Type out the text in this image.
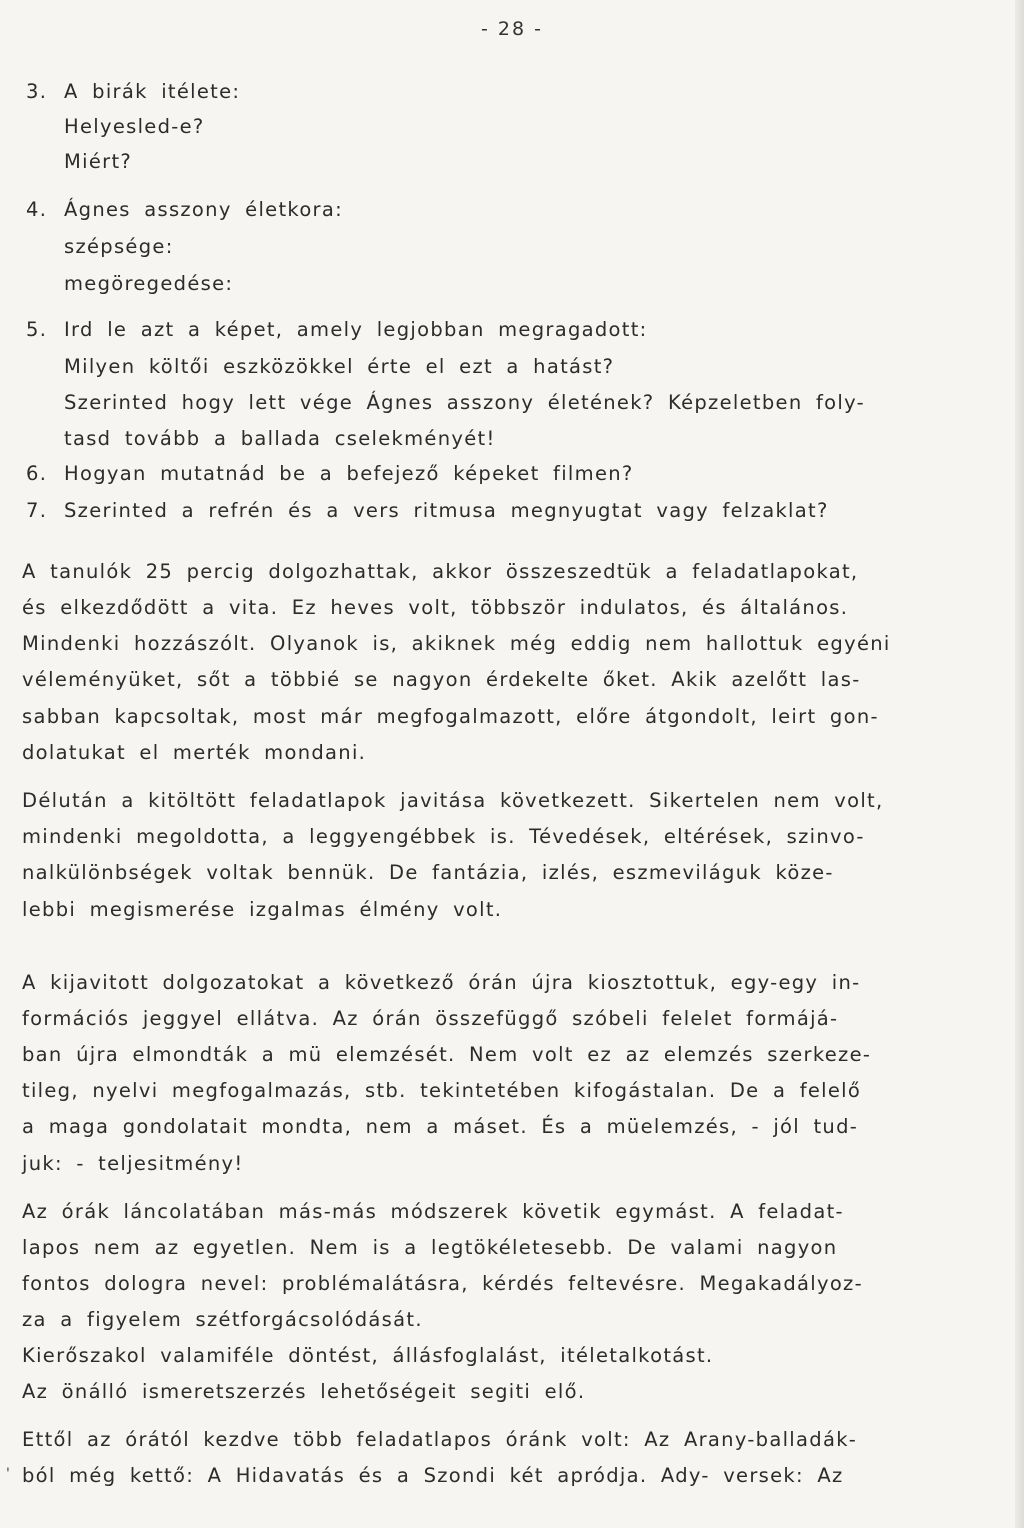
- 28 -
3. A birák itélete:
Helyesled-e?
Miért?
4. Ágnes asszony életkora:
szépsége:
megöregedése:
5. Ird le azt a képet, amely legjobban megragadott:
Milyen költői eszközökkel érte el ezt a hatást?
Szerinted hogy lett vége Ágnes asszony életének? Képzeletben foly-
tasd tovább a ballada cselekményét!
6. Hogyan mutatnád be a befejező képeket filmen?
7. Szerinted a refrén és a vers ritmusa megnyugtat vagy felzaklat?
A tanulók 25 percig dolgozhattak, akkor összeszedtük a feladatlapokat,
és elkezdődött a vita. Ez heves volt, többször indulatos, és általános.
Mindenki hozzászólt. Olyanok is, akiknek még eddig nem hallottuk egyéni
véleményüket, sőt a többié se nagyon érdekelte őket. Akik azelőtt las-
sabban kapcsoltak, most már megfogalmazott, előre átgondolt, leirt gon-
dolatukat el merték mondani.
Délután a kitöltött feladatlapok javitása következett. Sikertelen nem volt,
mindenki megoldotta, a leggyengébbek is. Tévedések, eltérések, szinvo-
nalkülönbségek voltak bennük. De fantázia, izlés, eszmeviláguk köze-
lebbi megismerése izgalmas élmény volt.
A kijavitott dolgozatokat a következő órán újra kiosztottuk, egy-egy in-
formációs jeggyel ellátva. Az órán összefüggő szóbeli felelet formájá-
ban újra elmondták a mü elemzését. Nem volt ez az elemzés szerkeze-
tileg, nyelvi megfogalmazás, stb. tekintetében kifogástalan. De a felelő
a maga gondolatait mondta, nem a máset. És a müelemzés, - jól tud-
juk: - teljesitmény!
Az órák láncolatában más-más módszerek követik egymást. A feladat-
lapos nem az egyetlen. Nem is a legtökéletesebb. De valami nagyon
fontos dologra nevel: problémalátásra, kérdés feltevésre. Megakadályoz-
za a figyelem szétforgácsolódását.
Kierőszakol valamiféle döntést, állásfoglalást, itéletalkotást.
Az önálló ismeretszerzés lehetőségeit segiti elő.
Ettől az órától kezdve több feladatlapos óránk volt: Az Arany-balladák-
ból még kettő: A Hidavatás és a Szondi két apródja. Ady- versek: Az
'
